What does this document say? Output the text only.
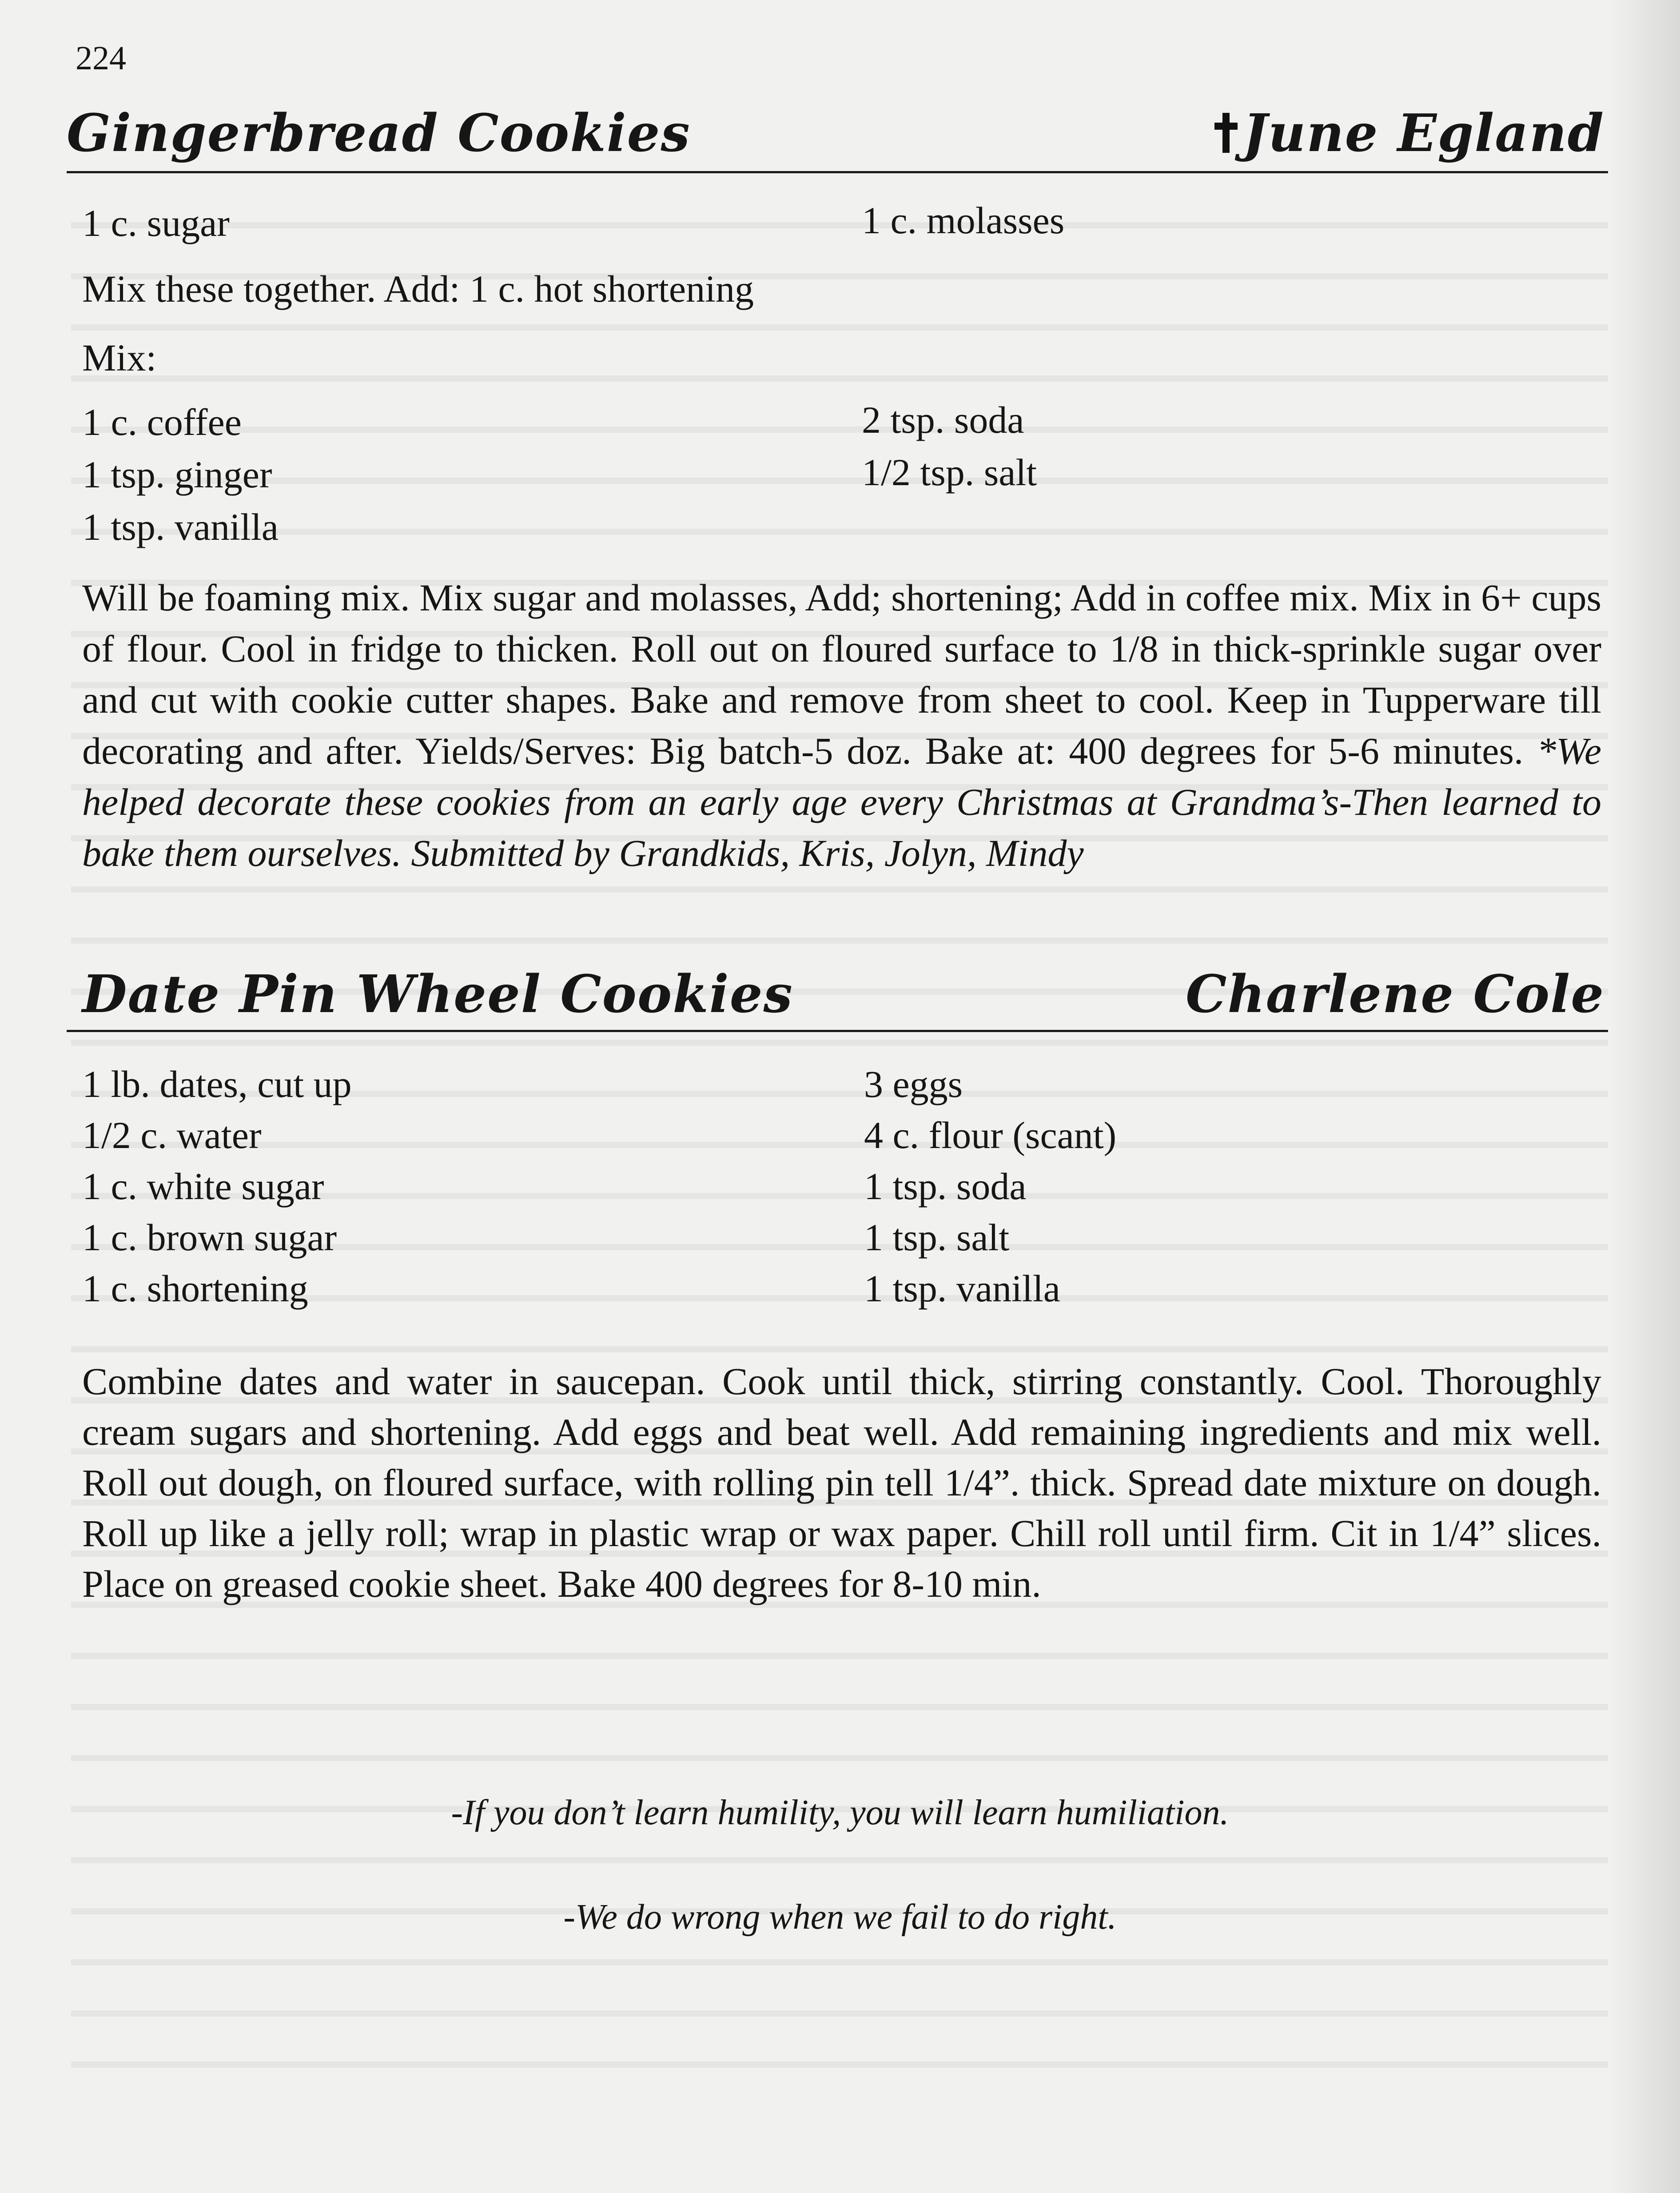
224
Gingerbread Cookies	June Egland
1 c. sugar	1 c. molasses
Mix these together. Add: 1 c. hot shortening
Mix:
1 c. coffee	2 tsp. soda
1 tsp. ginger	1/2 tsp. salt
1 tsp. vanilla
Will be foaming mix. Mix sugar and molasses, Add; shortening; Add in coffee mix. Mix in 6+ cups of flour. Cool in fridge to thicken. Roll out on floured surface to 1/8 in thick-sprinkle sugar over and cut with cookie cutter shapes. Bake and remove from sheet to cool. Keep in Tupperware till decorating and after. Yields/Serves: Big batch-5 doz. Bake at: 400 degrees for 5-6 minutes. *We helped decorate these cookies from an early age every Christmas at Grandma’s-Then learned to bake them ourselves. Submitted by Grandkids, Kris, Jolyn, Mindy
Date Pin Wheel Cookies	Charlene Cole
1 lb. dates, cut up	3 eggs
1/2 c. water	4 c. flour (scant)
1 c. white sugar	1 tsp. soda
1 c. brown sugar	1 tsp. salt
1 c. shortening	1 tsp. vanilla
Combine dates and water in saucepan. Cook until thick, stirring constantly. Cool. Thoroughly cream sugars and shortening. Add eggs and beat well. Add remaining ingredients and mix well. Roll out dough, on floured surface, with rolling pin tell 1/4”. thick. Spread date mixture on dough. Roll up like a jelly roll; wrap in plastic wrap or wax paper. Chill roll until firm. Cit in 1/4” slices. Place on greased cookie sheet. Bake 400 degrees for 8-10 min.
-If you don’t learn humility, you will learn humiliation.
-We do wrong when we fail to do right.
